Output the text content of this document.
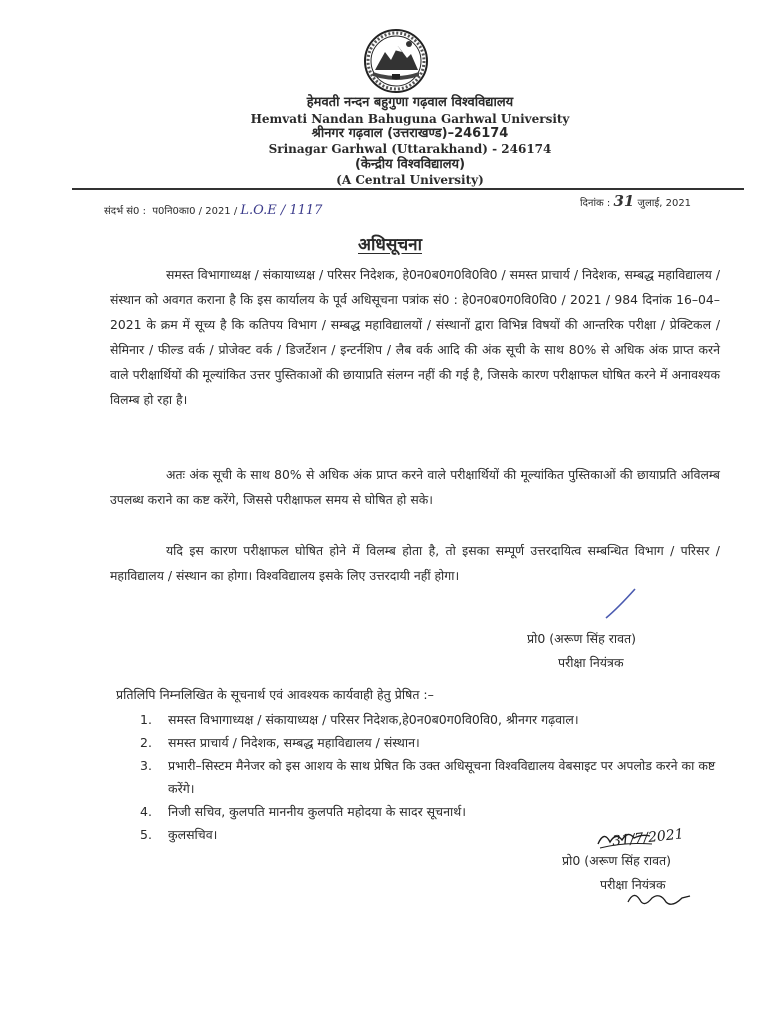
हेमवती नन्दन बहुगुणा गढ़वाल विश्वविद्यालय
Hemvati Nandan Bahuguna Garhwal University
श्रीनगर गढ़वाल (उत्तराखण्ड)–246174
Srinagar Garhwal (Uttarakhand) - 246174
(केन्द्रीय विश्वविद्यालय)
(A Central University)
संदर्भ सं0 : प0नि0का0 / 2021 / L.O.E / 1117	दिनांक : 31 जुलाई, 2021
अधिसूचना

समस्त विभागाध्यक्ष / संकायाध्यक्ष / परिसर निदेशक, हे0न0ब0ग0वि0वि0 / समस्त प्राचार्य / निदेशक, सम्बद्ध महाविद्यालय / संस्थान को अवगत कराना है कि इस कार्यालय के पूर्व अधिसूचना पत्रांक सं0 : हे0न0ब0ग0वि0वि0 / 2021 / 984 दिनांक 16–04–2021 के क्रम में सूच्य है कि कतिपय विभाग / सम्बद्ध महाविद्यालयों / संस्थानों द्वारा विभिन्न विषयों की आन्तरिक परीक्षा / प्रेक्टिकल / सेमिनार / फील्ड वर्क / प्रोजेक्ट वर्क / डिजर्टेशन / इन्टर्नशिप / लैब वर्क आदि की अंक सूची के साथ 80% से अधिक अंक प्राप्त करने वाले परीक्षार्थियों की मूल्यांकित उत्तर पुस्तिकाओं की छायाप्रति संलग्न नहीं की गई है, जिसके कारण परीक्षाफल घोषित करने में अनावश्यक विलम्ब हो रहा है।

अतः अंक सूची के साथ 80% से अधिक अंक प्राप्त करने वाले परीक्षार्थियों की मूल्यांकित पुस्तिकाओं की छायाप्रति अविलम्ब उपलब्ध कराने का कष्ट करेंगे, जिससे परीक्षाफल समय से घोषित हो सके।

यदि इस कारण परीक्षाफल घोषित होने में विलम्ब होता है, तो इसका सम्पूर्ण उत्तरदायित्व सम्बन्धित विभाग / परिसर / महाविद्यालय / संस्थान का होगा। विश्वविद्यालय इसके लिए उत्तरदायी नहीं होगा।

प्रो0 (अरूण सिंह रावत)
परीक्षा नियंत्रक
प्रतिलिपि निम्नलिखित के सूचनार्थ एवं आवश्यक कार्यवाही हेतु प्रेषित :–
1.	समस्त विभागाध्यक्ष / संकायाध्यक्ष / परिसर निदेशक,हे0न0ब0ग0वि0वि0, श्रीनगर गढ़वाल।
2.	समस्त प्राचार्य / निदेशक, सम्बद्ध महाविद्यालय / संस्थान।
3.	प्रभारी–सिस्टम मैनेजर को इस आशय के साथ प्रेषित कि उक्त अधिसूचना विश्वविद्यालय वेबसाइट पर अपलोड करने का कष्ट करेंगे।
4.	निजी सचिव, कुलपति माननीय कुलपति महोदया के सादर सूचनार्थ।
5.	कुलसचिव।	31/7/2021
प्रो0 (अरूण सिंह रावत)
परीक्षा नियंत्रक
